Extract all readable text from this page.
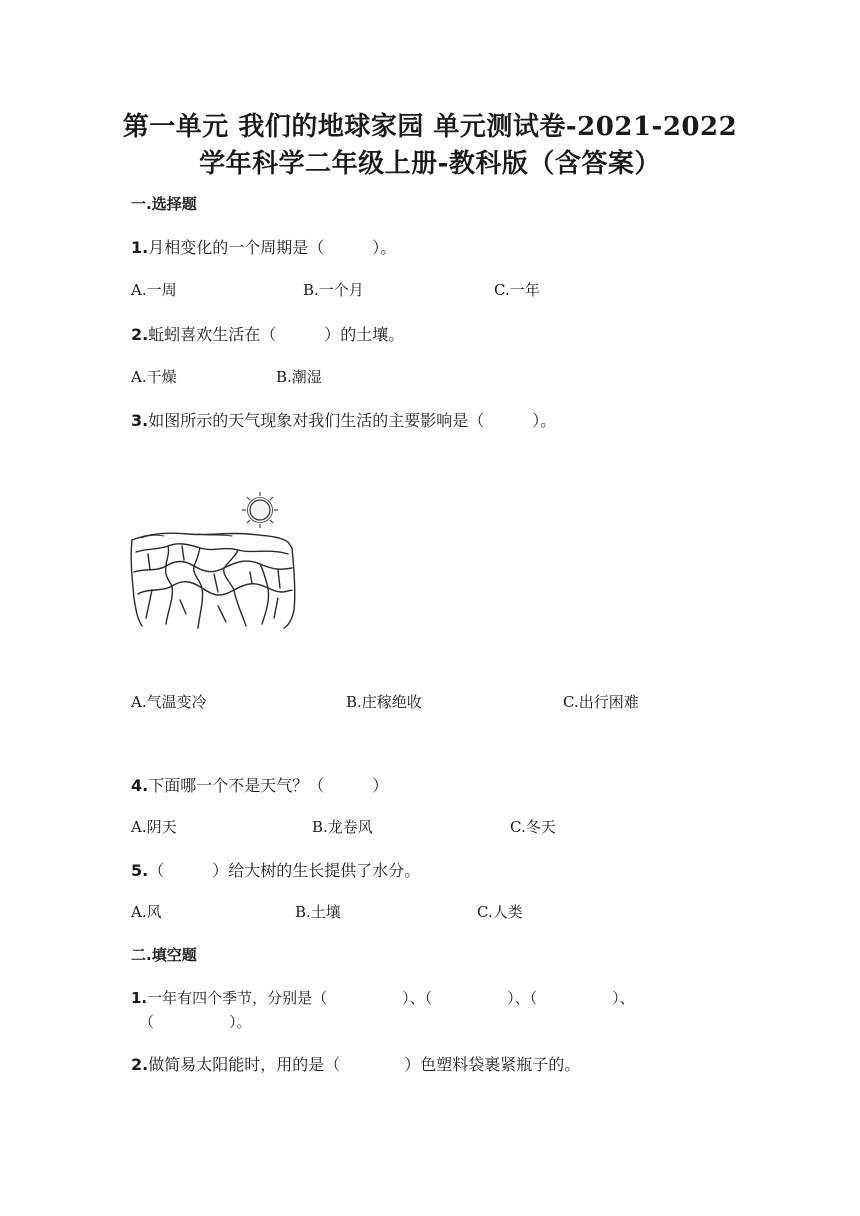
第一单元 我们的地球家园 单元测试卷-2021-2022
学年科学二年级上册-教科版（含答案）
一.选择题
1.月相变化的一个周期是（　　　）。
A.一周	B.一个月	C.一年
2.蚯蚓喜欢生活在（　　　）的土壤。
A.干燥	B.潮湿
3.如图所示的天气现象对我们生活的主要影响是（　　　）。
A.气温变冷	B.庄稼绝收	C.出行困难
4.下面哪一个不是天气？（　　　）
A.阴天	B.龙卷风	C.冬天
5.（　　　）给大树的生长提供了水分。
A.风	B.土壤	C.人类
二.填空题
1.一年有四个季节，分别是（　　　　　）、（　　　　　）、（　　　　　）、
（　　　　　）。
2.做简易太阳能时，用的是（　　　　）色塑料袋裹紧瓶子的。
